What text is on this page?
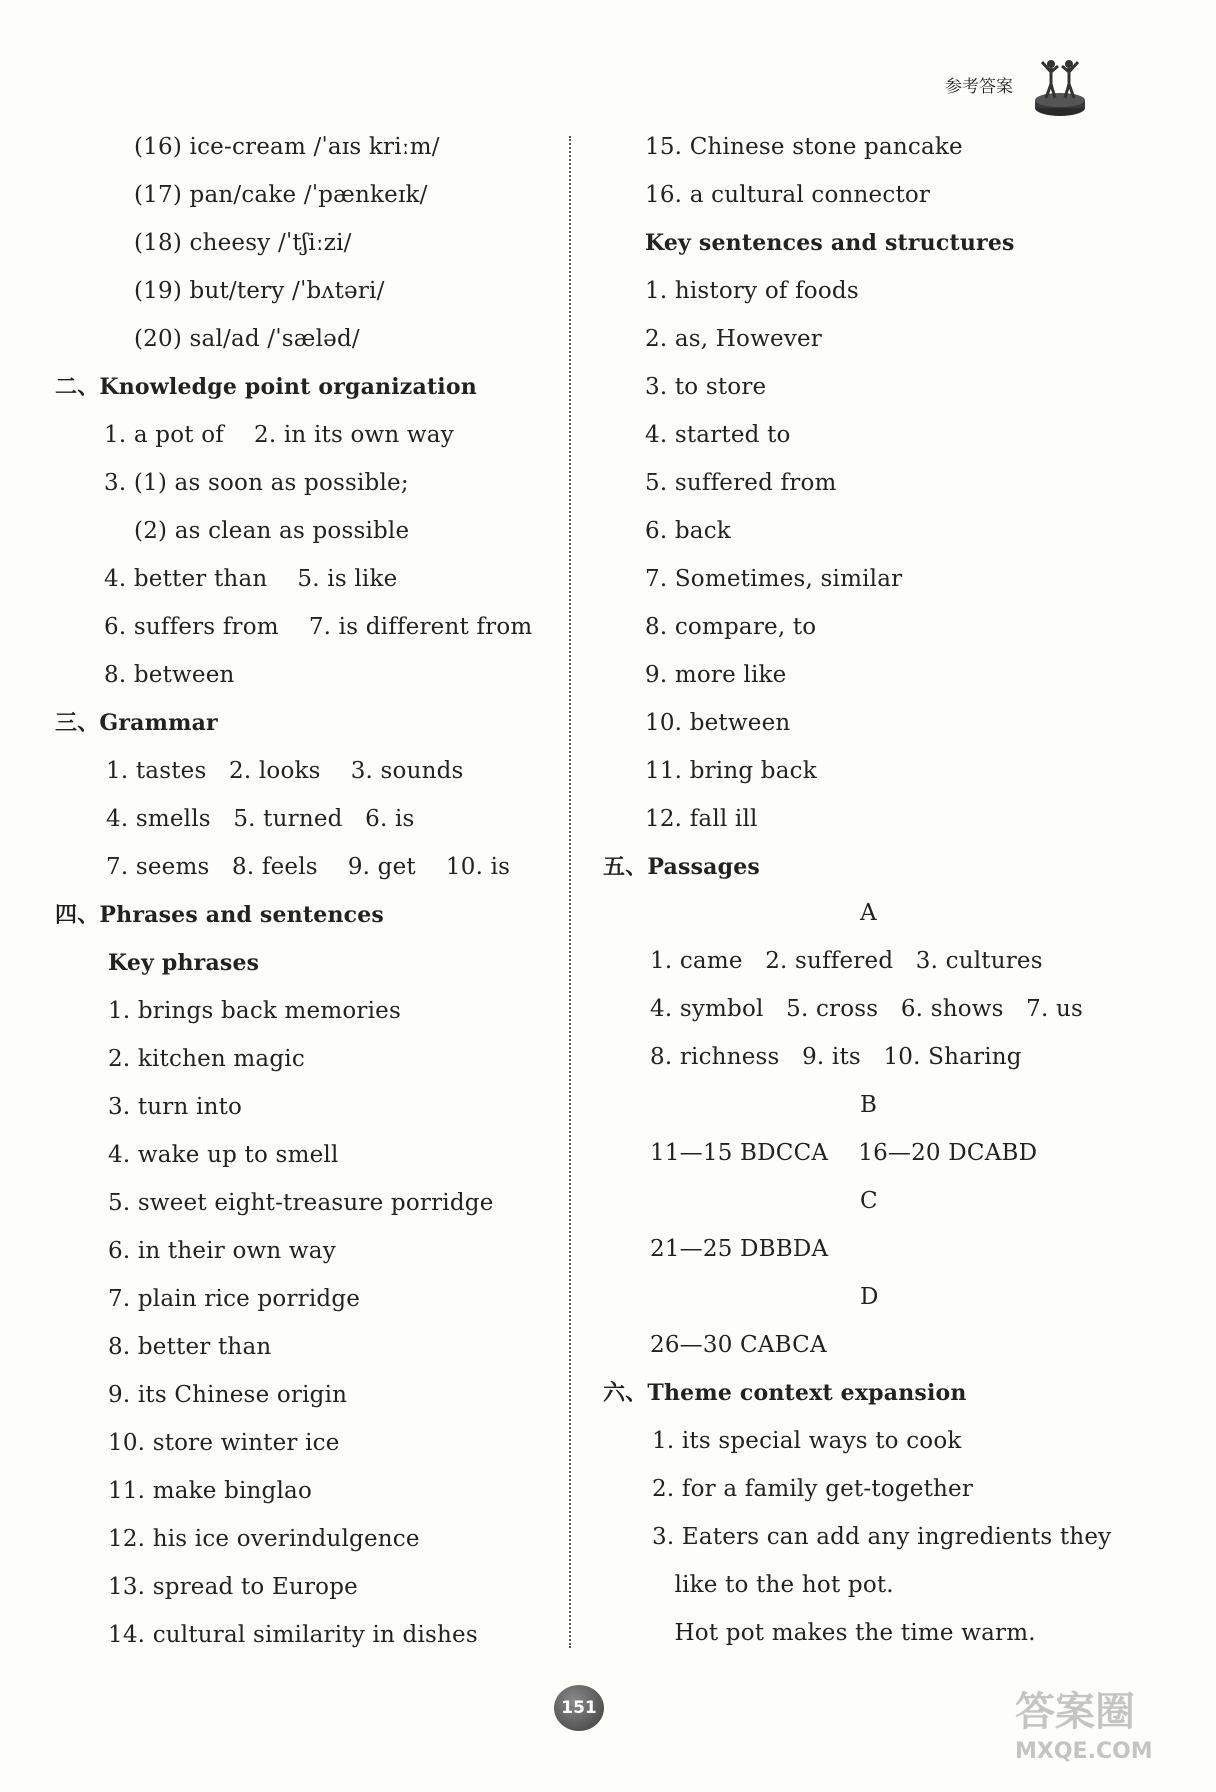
参考答案
(16) ice-cream /ˈaɪs kriːm/
(17) pan/cake /ˈpænkeɪk/
(18) cheesy /ˈtʃiːzi/
(19) but/tery /ˈbʌtəri/
(20) sal/ad /ˈsæləd/
二、Knowledge point organization
1. a pot of    2. in its own way
3. (1) as soon as possible;
(2) as clean as possible
4. better than    5. is like
6. suffers from    7. is different from
8. between
三、Grammar
1. tastes   2. looks    3. sounds
4. smells   5. turned   6. is
7. seems   8. feels    9. get    10. is
四、Phrases and sentences
Key phrases
1. brings back memories
2. kitchen magic
3. turn into
4. wake up to smell
5. sweet eight-treasure porridge
6. in their own way
7. plain rice porridge
8. better than
9. its Chinese origin
10. store winter ice
11. make binglao
12. his ice overindulgence
13. spread to Europe
14. cultural similarity in dishes
15. Chinese stone pancake
16. a cultural connector
Key sentences and structures
1. history of foods
2. as, However
3. to store
4. started to
5. suffered from
6. back
7. Sometimes, similar
8. compare, to
9. more like
10. between
11. bring back
12. fall ill
五、Passages
A
1. came   2. suffered   3. cultures
4. symbol   5. cross   6. shows   7. us
8. richness   9. its   10. Sharing
B
11—15 BDCCA    16—20 DCABD
C
21—25 DBBDA
D
26—30 CABCA
六、Theme context expansion
1. its special ways to cook
2. for a family get-together
3. Eaters can add any ingredients they
like to the hot pot.
Hot pot makes the time warm.
151	答案圈
MXQE.COM
